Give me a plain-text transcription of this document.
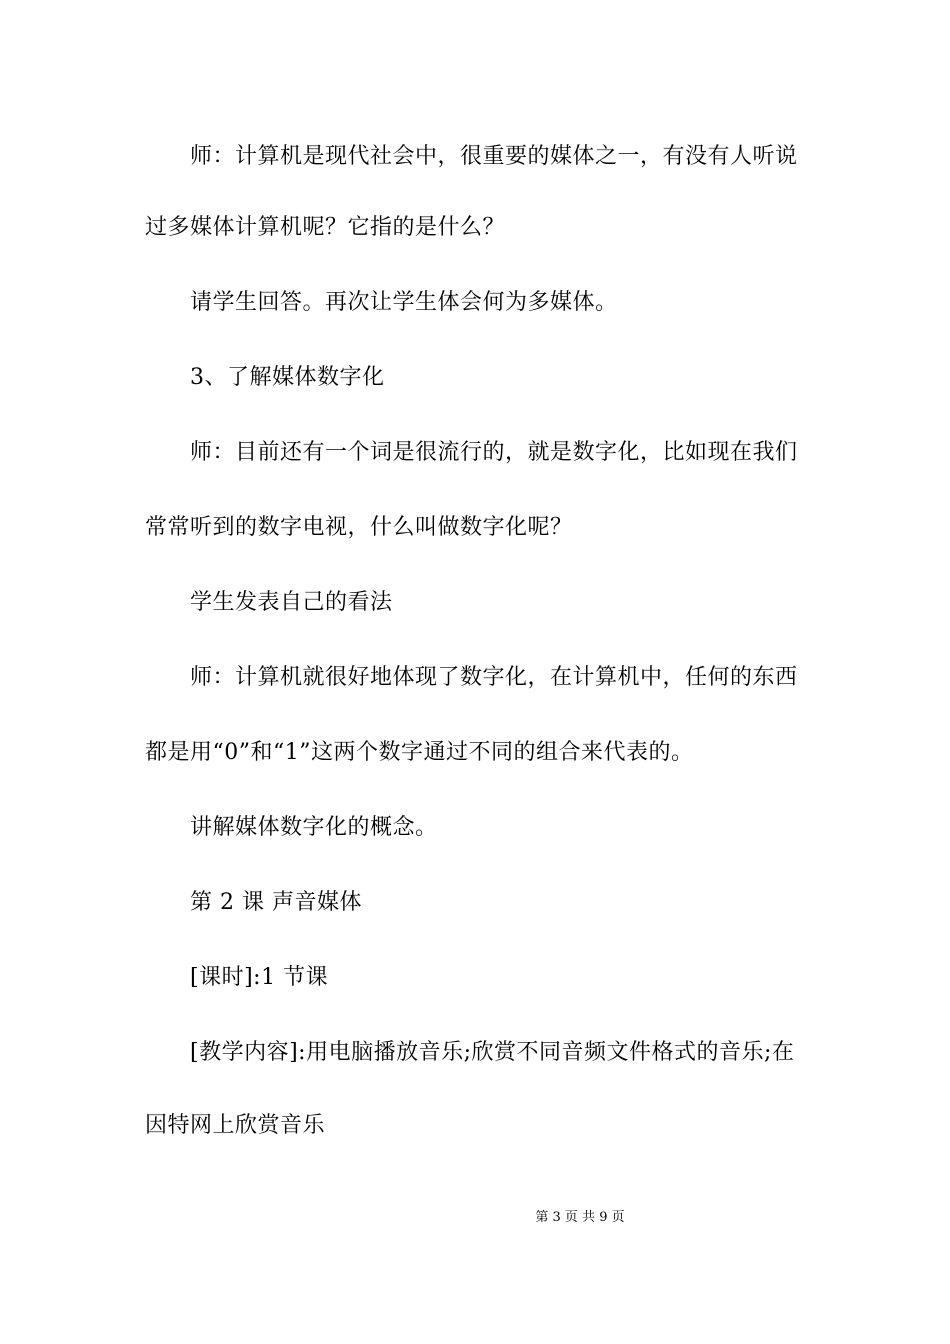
师：计算机是现代社会中，很重要的媒体之一，有没有人听说
过多媒体计算机呢？它指的是什么？
请学生回答。再次让学生体会何为多媒体。
3、了解媒体数字化
师：目前还有一个词是很流行的，就是数字化，比如现在我们
常常听到的数字电视，什么叫做数字化呢？
学生发表自己的看法
师：计算机就很好地体现了数字化，在计算机中，任何的东西
都是用“0”和“1”这两个数字通过不同的组合来代表的。
讲解媒体数字化的概念。
第 2 课 声音媒体
[课时]:1 节课
[教学内容]:用电脑播放音乐;欣赏不同音频文件格式的音乐;在
因特网上欣赏音乐
第 3 页 共 9 页
